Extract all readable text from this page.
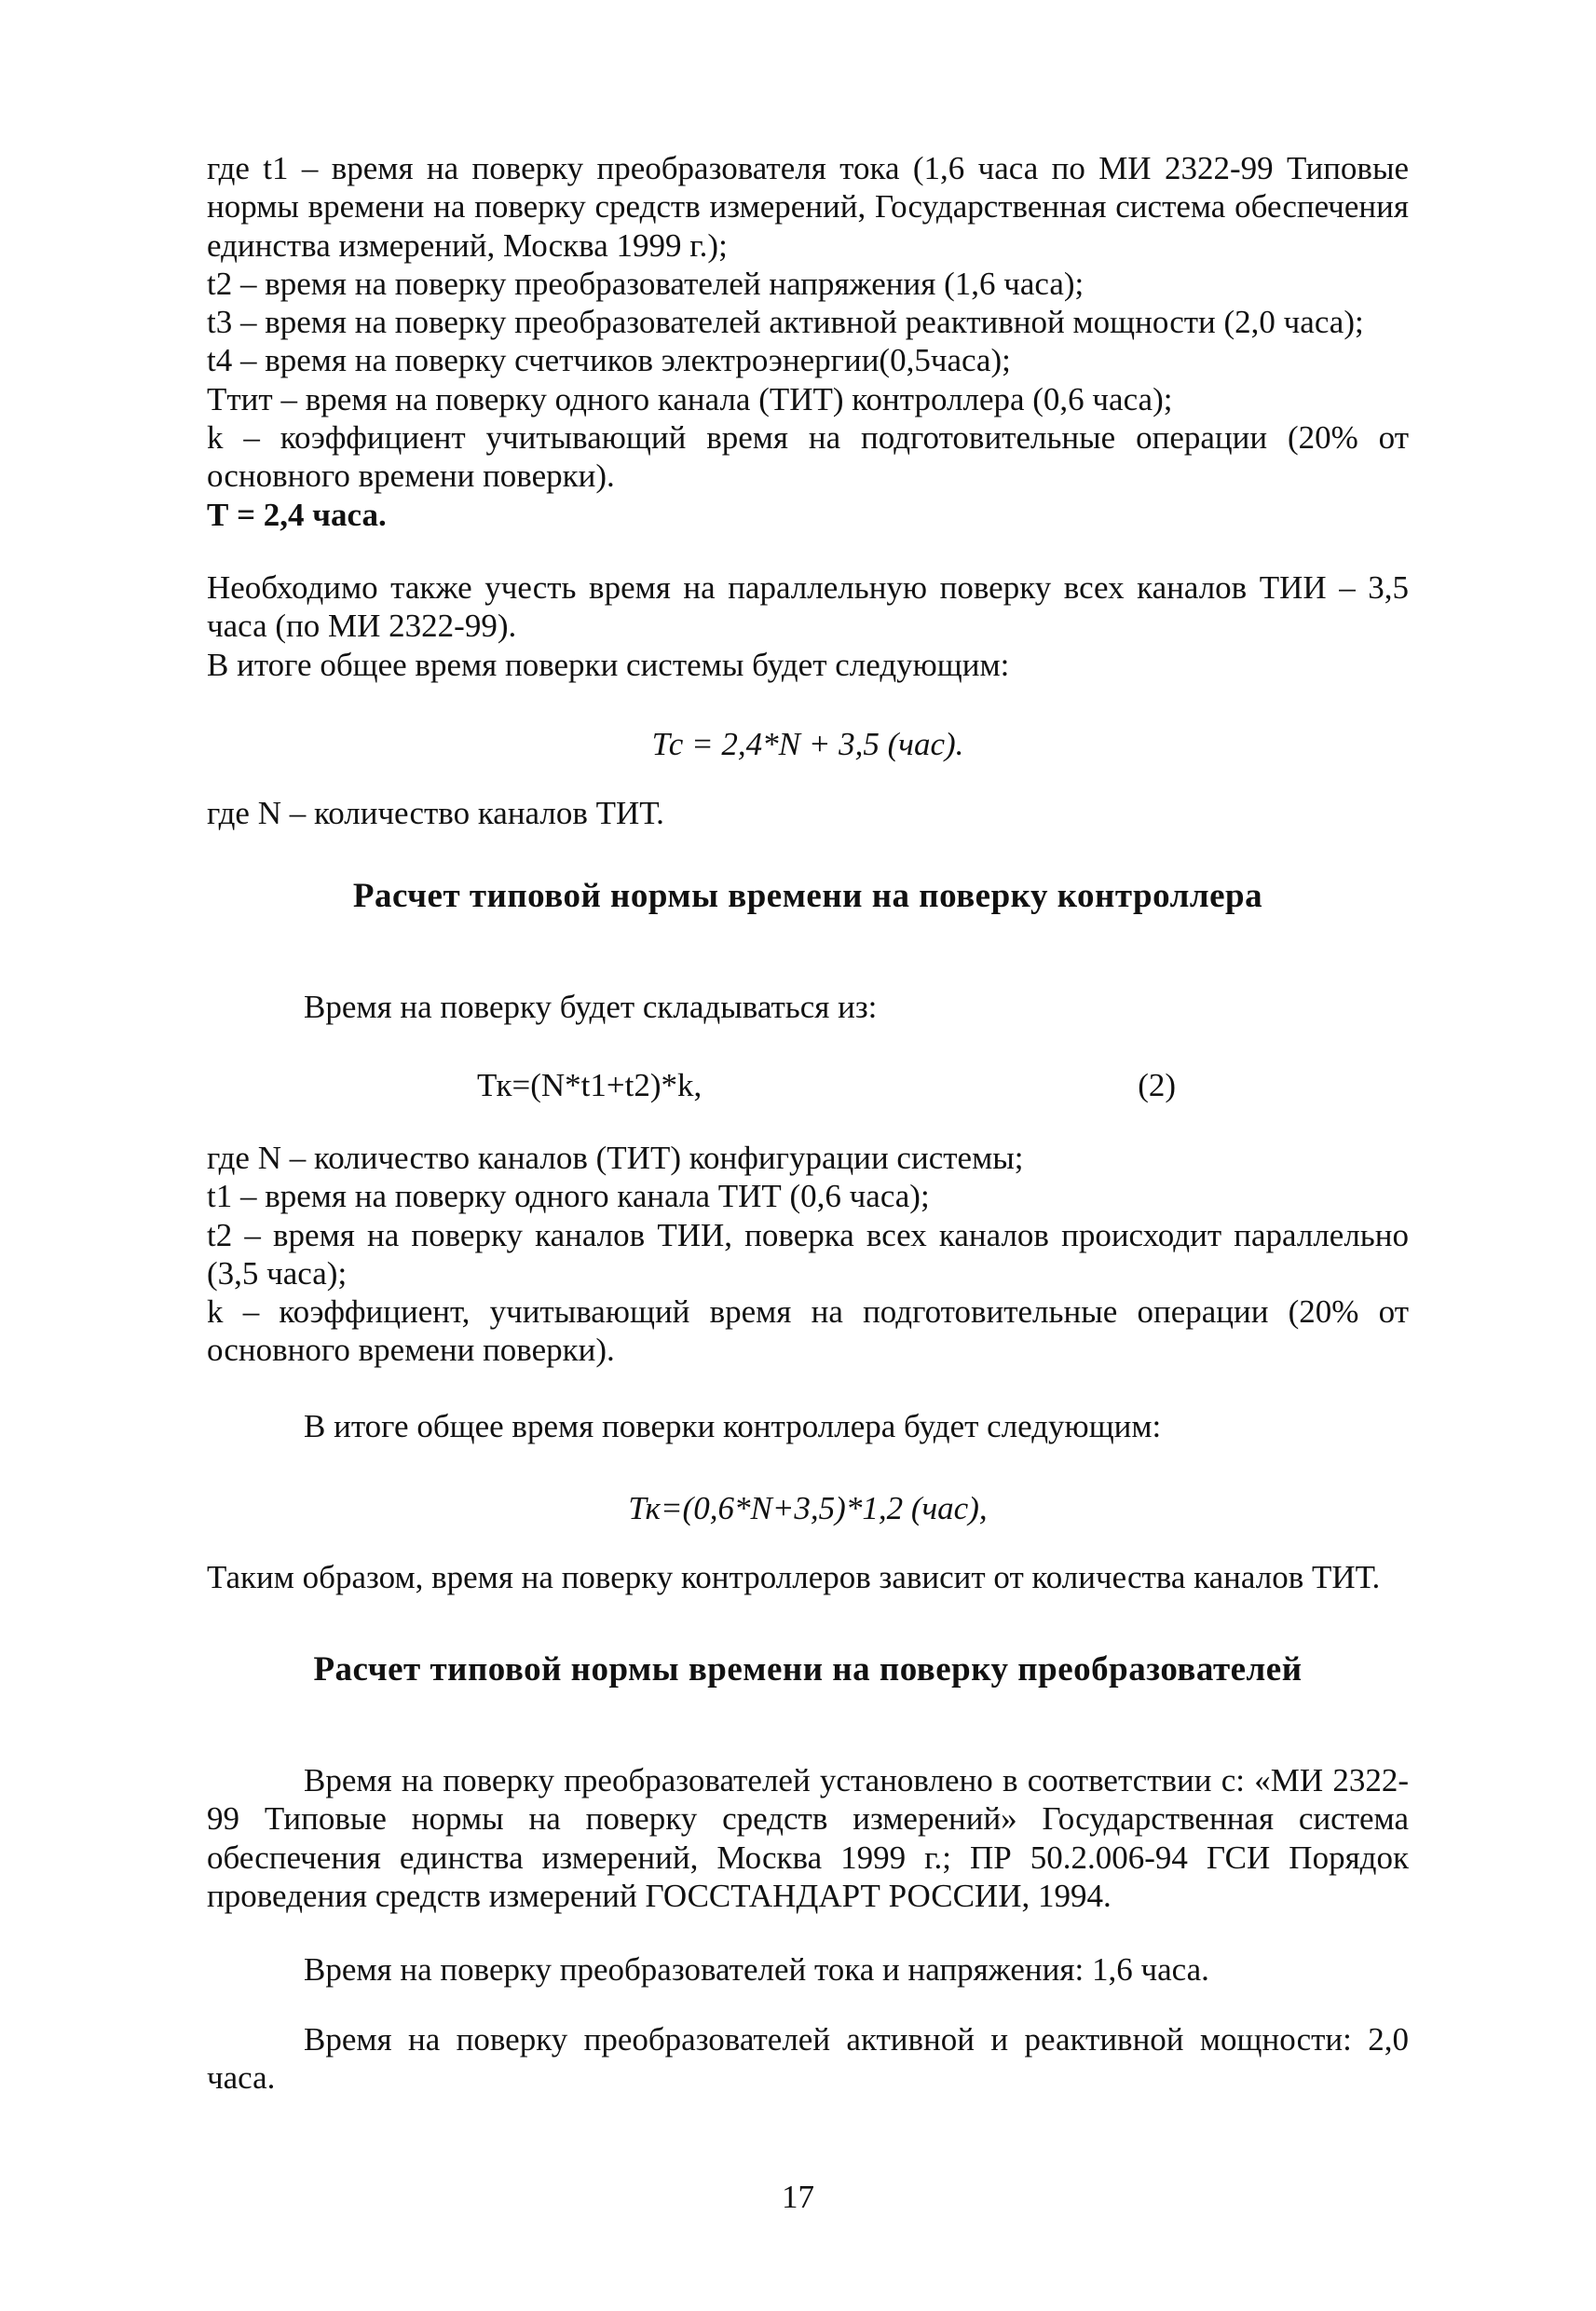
где t1 – время на поверку преобразователя тока (1,6 часа по МИ 2322-99 Типовые нормы времени на поверку средств измерений, Государственная система обеспечения единства измерений, Москва 1999 г.);

t2 – время на поверку преобразователей напряжения (1,6 часа);

t3 – время на поверку преобразователей активной реактивной мощности (2,0 часа);

t4 – время на поверку счетчиков электроэнергии(0,5часа);

Ттит – время на поверку одного канала (ТИТ) контроллера (0,6 часа);

k – коэффициент учитывающий время на подготовительные операции (20% от основного времени поверки).

Т = 2,4 часа.

Необходимо также учесть время на параллельную поверку всех каналов ТИИ – 3,5 часа (по МИ 2322-99).

В итоге общее время поверки системы будет следующим:

Тс = 2,4*N + 3,5 (час).
где N – количество каналов ТИТ.
Расчет типовой нормы времени на поверку контроллера
Время на поверку будет складываться из:
Тк=(N*t1+t2)*k,	(2)

где N – количество каналов (ТИТ) конфигурации системы;

t1 – время на поверку одного канала ТИТ (0,6 часа);

t2 – время на поверку каналов ТИИ, поверка всех каналов происходит параллельно (3,5 часа);

k – коэффициент, учитывающий время на подготовительные операции (20% от основного времени поверки).

В итоге общее время поверки контроллера будет следующим:
Тк=(0,6*N+3,5)*1,2 (час),
Таким образом, время на поверку контроллеров зависит от количества каналов ТИТ.
Расчет типовой нормы времени на поверку преобразователей
Время на поверку преобразователей установлено в соответствии с: «МИ 2322-99 Типовые нормы на поверку средств измерений» Государственная система обеспечения единства измерений, Москва 1999 г.; ПР 50.2.006-94 ГСИ Порядок проведения средств измерений ГОССТАНДАРТ РОССИИ, 1994.
Время на поверку преобразователей тока и напряжения: 1,6 часа.
Время на поверку преобразователей активной и реактивной мощности: 2,0 часа.
17
